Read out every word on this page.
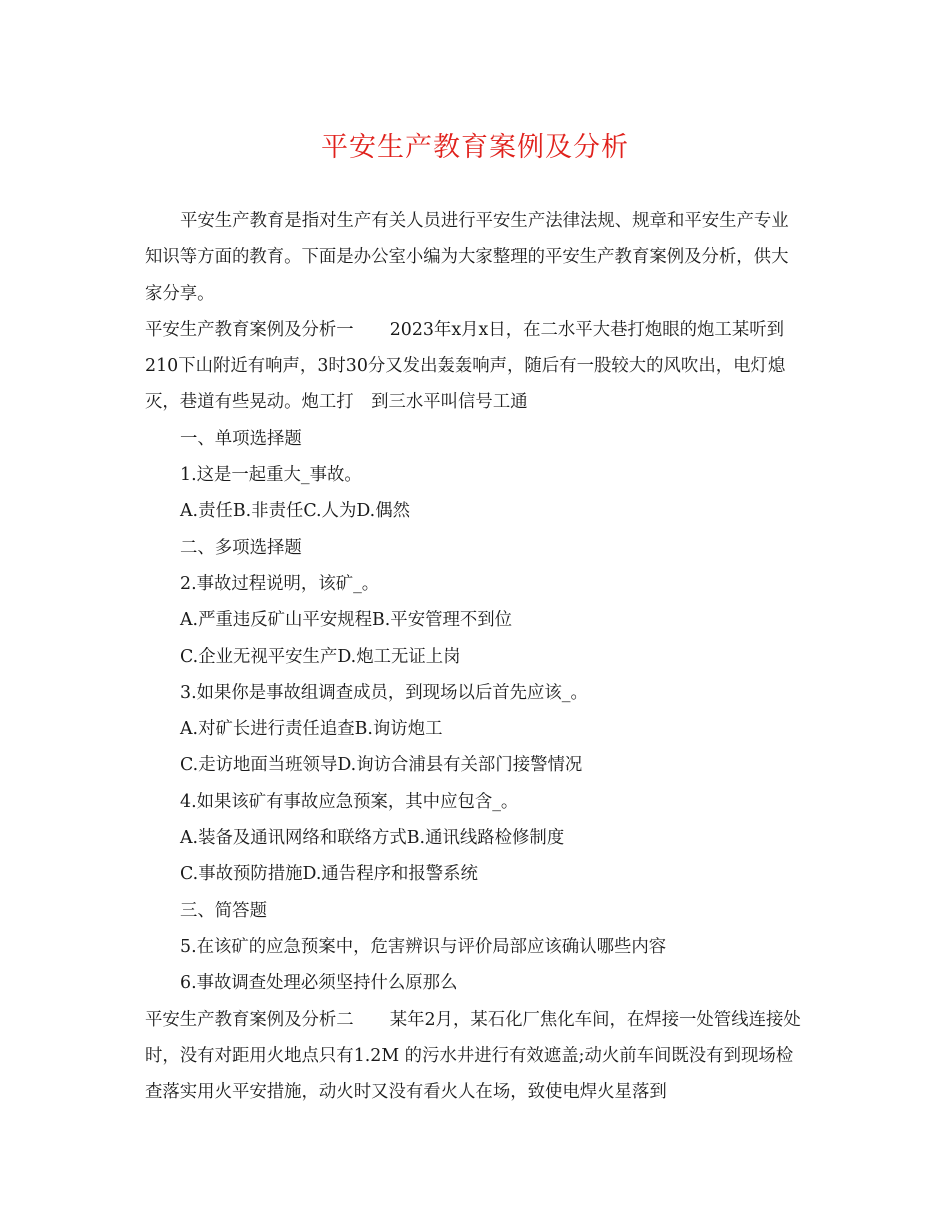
平安生产教育案例及分析

平安生产教育是指对生产有关人员进行平安生产法律法规、规章和平安生产专业知识等方面的教育。下面是办公室小编为大家整理的平安生产教育案例及分析，供大家分享。

平安生产教育案例及分析一 2023年x月x日，在二水平大巷打炮眼的炮工某听到210下山附近有响声，3时30分又发出轰轰响声，随后有一股较大的风吹出，电灯熄灭，巷道有些晃动。炮工打　到三水平叫信号工通

一、单项选择题

1.这是一起重大_事故。

A.责任B.非责任C.人为D.偶然

二、多项选择题

2.事故过程说明，该矿_。

A.严重违反矿山平安规程B.平安管理不到位

C.企业无视平安生产D.炮工无证上岗

3.如果你是事故组调查成员，到现场以后首先应该_。

A.对矿长进行责任追查B.询访炮工

C.走访地面当班领导D.询访合浦县有关部门接警情况

4.如果该矿有事故应急预案，其中应包含_。

A.装备及通讯网络和联络方式B.通讯线路检修制度

C.事故预防措施D.通告程序和报警系统

三、简答题

5.在该矿的应急预案中，危害辨识与评价局部应该确认哪些内容

6.事故调查处理必须坚持什么原那么

平安生产教育案例及分析二 某年2月，某石化厂焦化车间，在焊接一处管线连接处时，没有对距用火地点只有1.2M 的污水井进行有效遮盖;动火前车间既没有到现场检查落实用火平安措施，动火时又没有看火人在场，致使电焊火星落到
